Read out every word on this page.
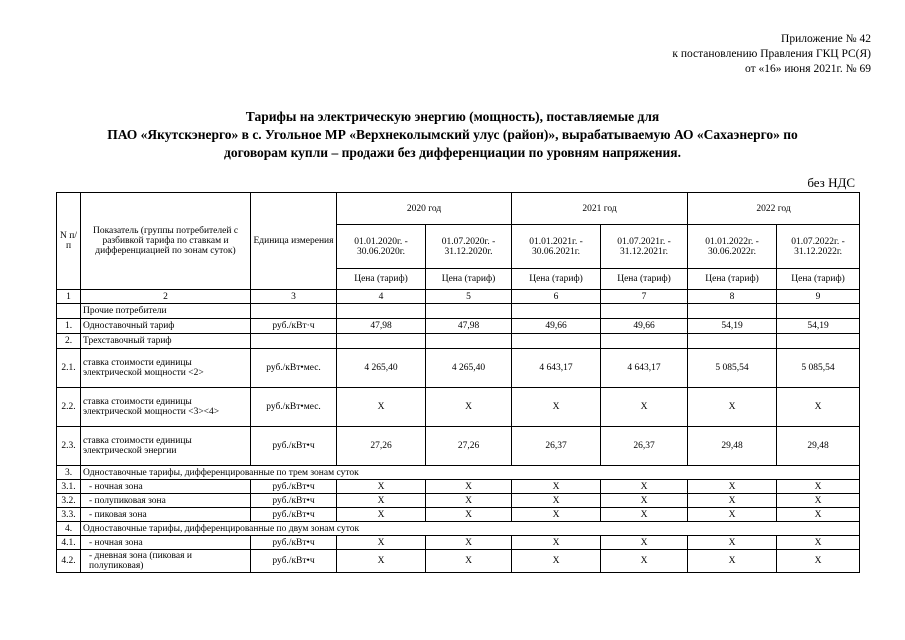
Приложение № 42
к постановлению Правления ГКЦ РС(Я)
от «16» июня 2021г. № 69
Тарифы на электрическую энергию (мощность), поставляемые для
ПАО «Якутскэнерго» в с. Угольное МР «Верхнеколымский улус (район)», вырабатываемую АО «Сахаэнерго» по
договорам купли – продажи без дифференциации по уровням напряжения.
без НДС
N п/п	Показатель (группы потребителей с разбивкой тарифа по ставкам и дифференциацией по зонам суток)	Единица измерения	2020 год		2021 год		2022 год	
			01.01.2020г. - 30.06.2020г.	01.07.2020г. - 31.12.2020г.	01.01.2021г. - 30.06.2021г.	01.07.2021г. - 31.12.2021г.	01.01.2022г. - 30.06.2022г.	01.07.2022г. - 31.12.2022г.
			Цена (тариф)	Цена (тариф)	Цена (тариф)	Цена (тариф)	Цена (тариф)	Цена (тариф)
1	2	3	4	5	6	7	8	9
	Прочие потребители							
1.	Одноставочный тариф	руб./кВт·ч	47,98	47,98	49,66	49,66	54,19	54,19
2.	Трехставочный тариф							
2.1.	ставка стоимости единицы электрической мощности <2>	руб./кВт•мес.	4 265,40	4 265,40	4 643,17	4 643,17	5 085,54	5 085,54
2.2.	ставка стоимости единицы электрической мощности <3><4>	руб./кВт•мес.	X	X	X	X	X	X
2.3.	ставка стоимости единицы электрической энергии	руб./кВт•ч	27,26	27,26	26,37	26,37	29,48	29,48
3.	Одноставочные тарифы, дифференцированные по трем зонам суток							
3.1.	- ночная зона	руб./кВт•ч	X	X	X	X	X	X
3.2.	- полупиковая зона	руб./кВт•ч	X	X	X	X	X	X
3.3.	- пиковая зона	руб./кВт•ч	X	X	X	X	X	X
4.	Одноставочные тарифы, дифференцированные по двум зонам суток							
4.1.	- ночная зона	руб./кВт•ч	X	X	X	X	X	X
4.2.	- дневная зона (пиковая и полупиковая)	руб./кВт•ч	X	X	X	X	X	X
